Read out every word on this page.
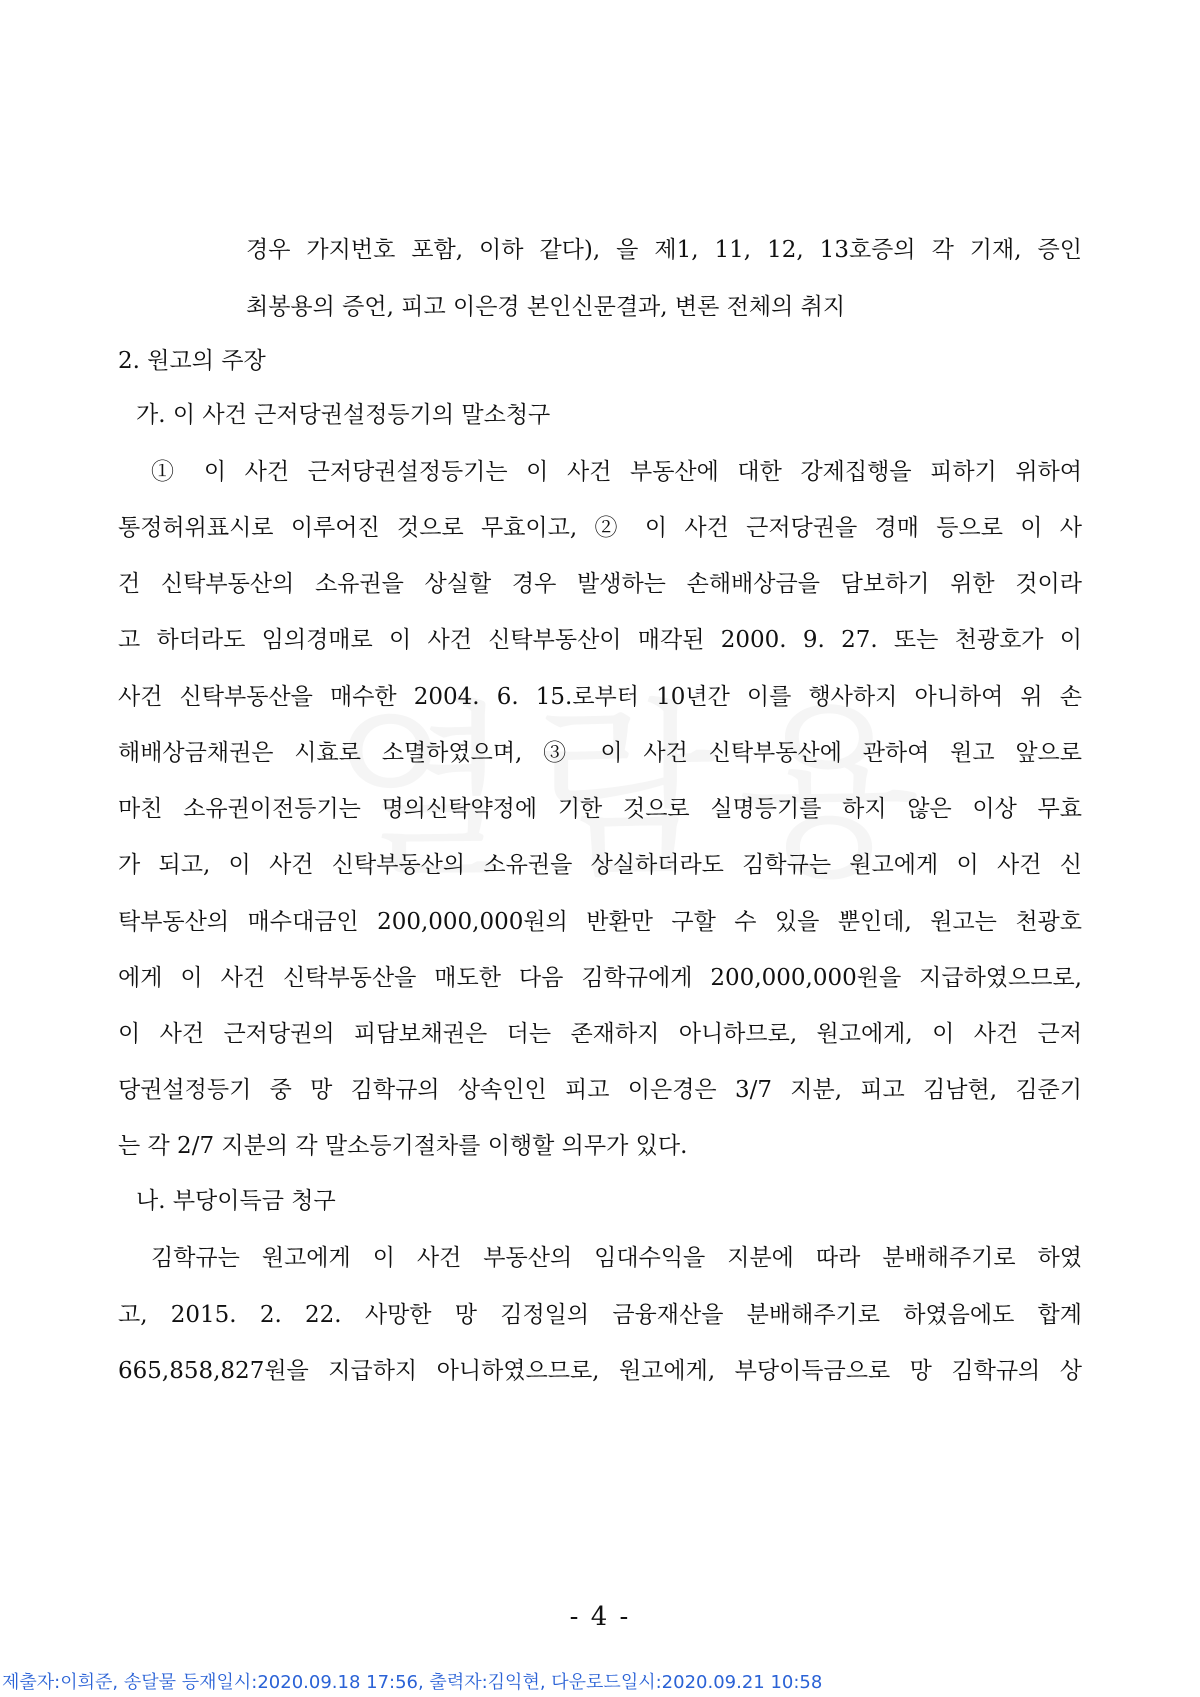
경우 가지번호 포함, 이하 같다), 을 제1, 11, 12, 13호증의 각 기재, 증인
최봉용의 증언, 피고 이은경 본인신문결과, 변론 전체의 취지
2. 원고의 주장
가. 이 사건 근저당권설정등기의 말소청구
① 이 사건 근저당권설정등기는 이 사건 부동산에 대한 강제집행을 피하기 위하여
통정허위표시로 이루어진 것으로 무효이고, ② 이 사건 근저당권을 경매 등으로 이 사
건 신탁부동산의 소유권을 상실할 경우 발생하는 손해배상금을 담보하기 위한 것이라
고 하더라도 임의경매로 이 사건 신탁부동산이 매각된 2000. 9. 27. 또는 천광호가 이
사건 신탁부동산을 매수한 2004. 6. 15.로부터 10년간 이를 행사하지 아니하여 위 손
해배상금채권은 시효로 소멸하였으며, ③ 이 사건 신탁부동산에 관하여 원고 앞으로
마친 소유권이전등기는 명의신탁약정에 기한 것으로 실명등기를 하지 않은 이상 무효
가 되고, 이 사건 신탁부동산의 소유권을 상실하더라도 김학규는 원고에게 이 사건 신
탁부동산의 매수대금인 200,000,000원의 반환만 구할 수 있을 뿐인데, 원고는 천광호
에게 이 사건 신탁부동산을 매도한 다음 김학규에게 200,000,000원을 지급하였으므로,
이 사건 근저당권의 피담보채권은 더는 존재하지 아니하므로, 원고에게, 이 사건 근저
당권설정등기 중 망 김학규의 상속인인 피고 이은경은 3/7 지분, 피고 김남현, 김준기
는 각 2/7 지분의 각 말소등기절차를 이행할 의무가 있다.
나. 부당이득금 청구
김학규는 원고에게 이 사건 부동산의 임대수익을 지분에 따라 분배해주기로 하였
고, 2015. 2. 22. 사망한 망 김정일의 금융재산을 분배해주기로 하였음에도 합계
665,858,827원을 지급하지 아니하였으므로, 원고에게, 부당이득금으로 망 김학규의 상
- 4 -
제출자:이희준, 송달물 등재일시:2020.09.18 17:56, 출력자:김익현, 다운로드일시:2020.09.21 10:58
